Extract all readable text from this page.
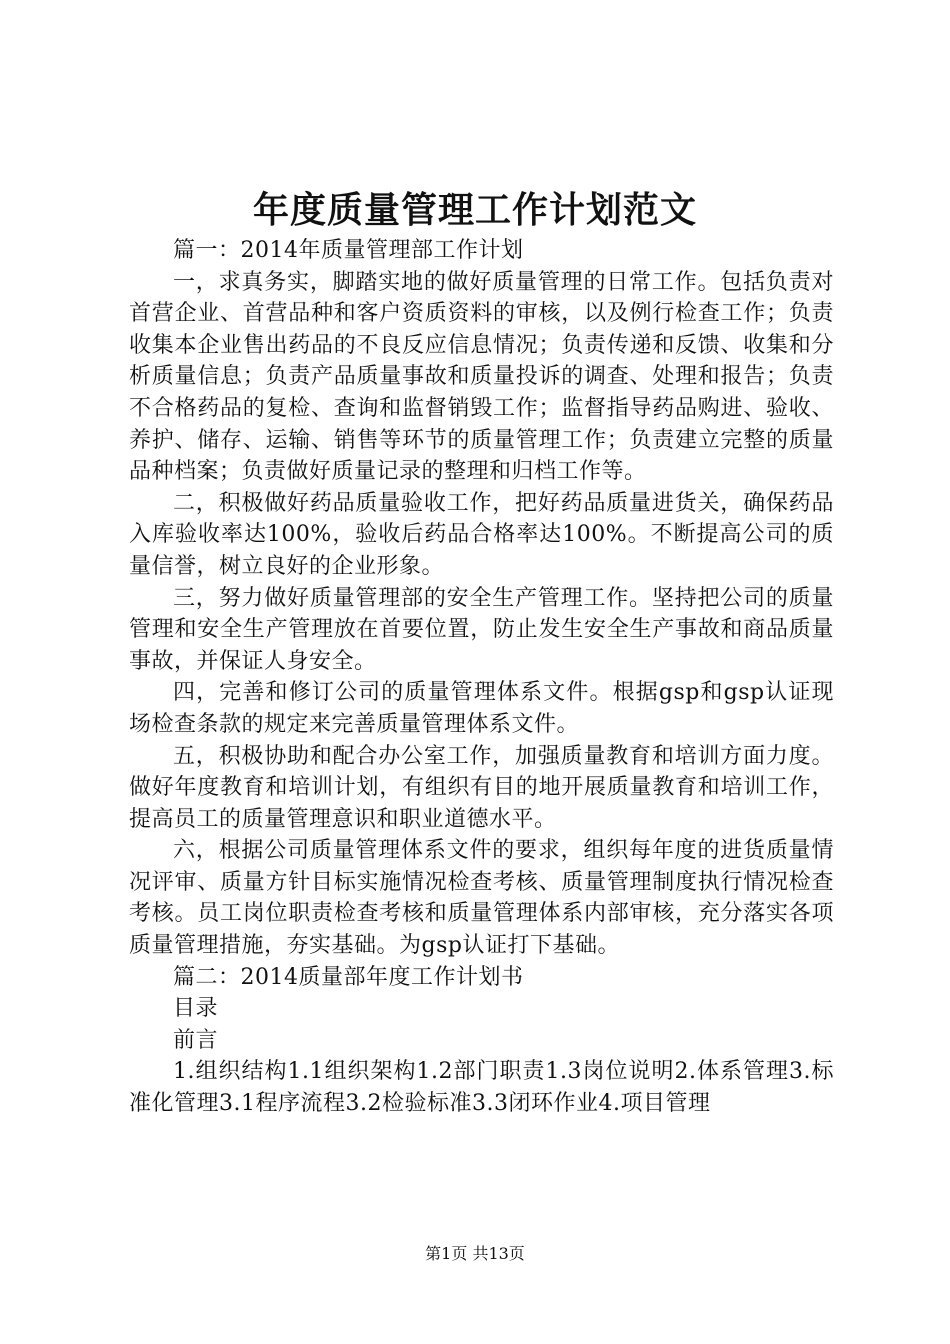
年度质量管理工作计划范文

篇一：2014年质量管理部工作计划

一，求真务实，脚踏实地的做好质量管理的日常工作。包括负责对首营企业、首营品种和客户资质资料的审核，以及例行检查工作；负责收集本企业售出药品的不良反应信息情况；负责传递和反馈、收集和分析质量信息；负责产品质量事故和质量投诉的调查、处理和报告；负责不合格药品的复检、查询和监督销毁工作；监督指导药品购进、验收、养护、储存、运输、销售等环节的质量管理工作；负责建立完整的质量品种档案；负责做好质量记录的整理和归档工作等。

二，积极做好药品质量验收工作，把好药品质量进货关，确保药品入库验收率达100%，验收后药品合格率达100%。不断提高公司的质量信誉，树立良好的企业形象。

三，努力做好质量管理部的安全生产管理工作。坚持把公司的质量管理和安全生产管理放在首要位置，防止发生安全生产事故和商品质量事故，并保证人身安全。

四，完善和修订公司的质量管理体系文件。根据gsp和gsp认证现场检查条款的规定来完善质量管理体系文件。

五，积极协助和配合办公室工作，加强质量教育和培训方面力度。做好年度教育和培训计划，有组织有目的地开展质量教育和培训工作，提高员工的质量管理意识和职业道德水平。

六，根据公司质量管理体系文件的要求，组织每年度的进货质量情况评审、质量方针目标实施情况检查考核、质量管理制度执行情况检查考核。员工岗位职责检查考核和质量管理体系内部审核，充分落实各项质量管理措施，夯实基础。为gsp认证打下基础。

篇二：2014质量部年度工作计划书

目录

前言

1.组织结构1.1组织架构1.2部门职责1.3岗位说明2.体系管理3.标准化管理3.1程序流程3.2检验标准3.3闭环作业4.项目管理

第1页 共13页
